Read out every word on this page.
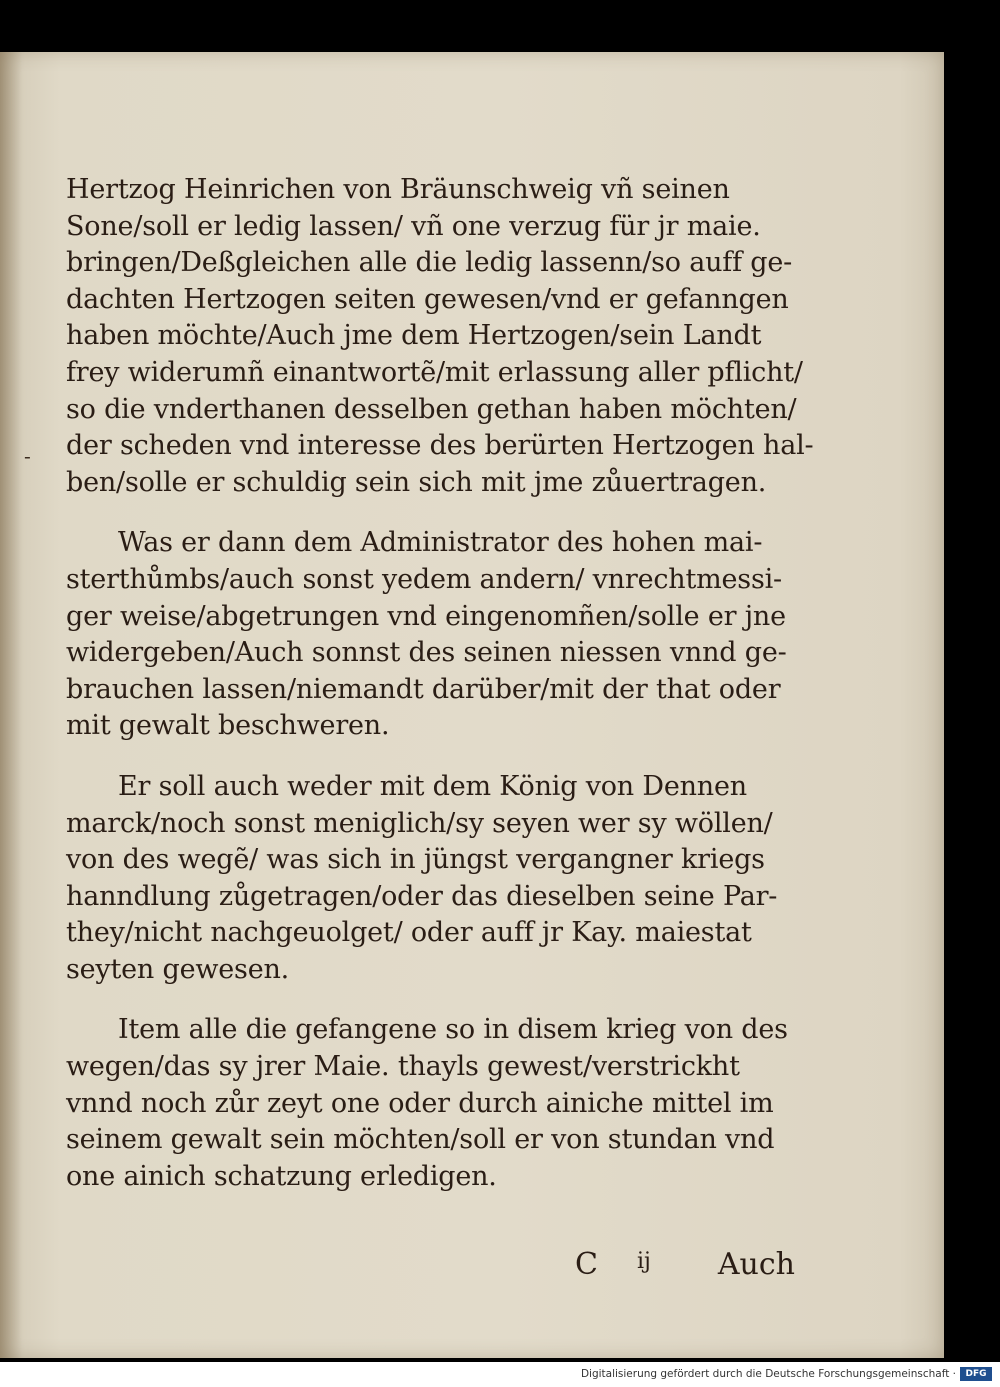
-
Hertzog Heinrichen von Bräunschweig vñ seinen
Sone/soll er ledig lassen/ vñ one verzug für jr maie.
bringen/Deßgleichen alle die ledig lassenn/so auff ge-
dachten Hertzogen seiten gewesen/vnd er gefanngen
haben möchte/Auch jme dem Hertzogen/sein Landt
frey widerumñ einantwortẽ/mit erlassung aller pflicht/
so die vnderthanen desselben gethan haben möchten/
der scheden vnd interesse des berürten Hertzogen hal-
ben/solle er schuldig sein sich mit jme zůuertragen.
Was er dann dem Administrator des hohen mai-
sterthůmbs/auch sonst yedem andern/ vnrechtmessi-
ger weise/abgetrungen vnd eingenomñen/solle er jne
widergeben/Auch sonnst des seinen niessen vnnd ge-
brauchen lassen/niemandt darüber/mit der that oder
mit gewalt beschweren.
Er soll auch weder mit dem König von Dennen
marck/noch sonst meniglich/sy seyen wer sy wöllen/
von des wegẽ/ was sich in jüngst vergangner kriegs
hanndlung zůgetragen/oder das dieselben seine Par-
they/nicht nachgeuolget/ oder auff jr Kay. maiestat
seyten gewesen.
Item alle die gefangene so in disem krieg von des
wegen/das sy jrer Maie. thayls gewest/verstrickht
vnnd noch zůr zeyt one oder durch ainiche mittel im
seinem gewalt sein möchten/soll er von stundan vnd
one ainich schatzung erledigen.
C ij Auch
Digitalisierung gefördert durch die Deutsche Forschungsgemeinschaft ·	DFG
